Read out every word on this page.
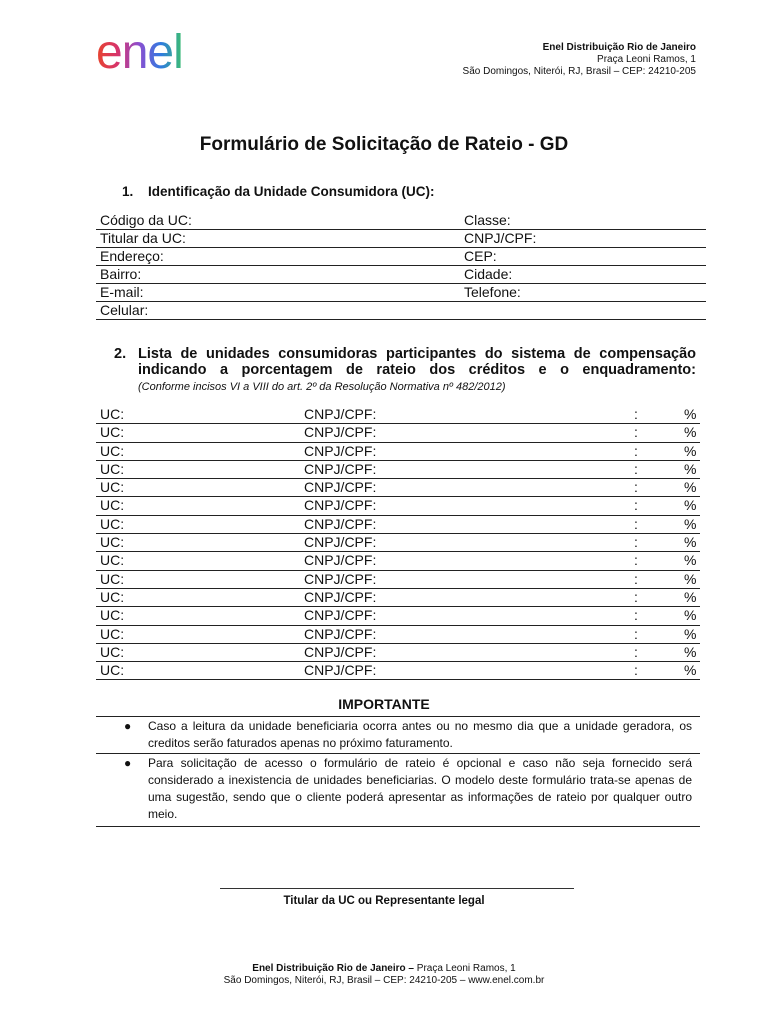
enel	Enel Distribuição Rio de Janeiro
Praça Leoni Ramos, 1
São Domingos, Niterói, RJ, Brasil – CEP: 24210-205
Formulário de Solicitação de Rateio - GD
1. Identificação da Unidade Consumidora (UC):
Código da UC:	Classe:
Titular da UC:	CNPJ/CPF:
Endereço:	CEP:
Bairro:	Cidade:
E-mail:	Telefone:
Celular:
2. Lista de unidades consumidoras participantes do sistema de compensação
indicando a porcentagem de rateio dos créditos e o enquadramento:
(Conforme incisos VI a VIII do art. 2º da Resolução Normativa nº 482/2012)
UC:	CNPJ/CPF:	:	%
UC:	CNPJ/CPF:	:	%
UC:	CNPJ/CPF:	:	%
UC:	CNPJ/CPF:	:	%
UC:	CNPJ/CPF:	:	%
UC:	CNPJ/CPF:	:	%
UC:	CNPJ/CPF:	:	%
UC:	CNPJ/CPF:	:	%
UC:	CNPJ/CPF:	:	%
UC:	CNPJ/CPF:	:	%
UC:	CNPJ/CPF:	:	%
UC:	CNPJ/CPF:	:	%
UC:	CNPJ/CPF:	:	%
UC:	CNPJ/CPF:	:	%
UC:	CNPJ/CPF:	:	%
IMPORTANTE
● Caso a leitura da unidade beneficiaria ocorra antes ou no mesmo dia que a unidade geradora, os creditos serão faturados apenas no próximo faturamento.
● Para solicitação de acesso o formulário de rateio é opcional e caso não seja fornecido será considerado a inexistencia de unidades beneficiarias. O modelo deste formulário trata-se apenas de uma sugestão, sendo que o cliente poderá apresentar as informações de rateio por qualquer outro meio.
Titular da UC ou Representante legal
Enel Distribuição Rio de Janeiro – Praça Leoni Ramos, 1
São Domingos, Niterói, RJ, Brasil – CEP: 24210-205 – www.enel.com.br
